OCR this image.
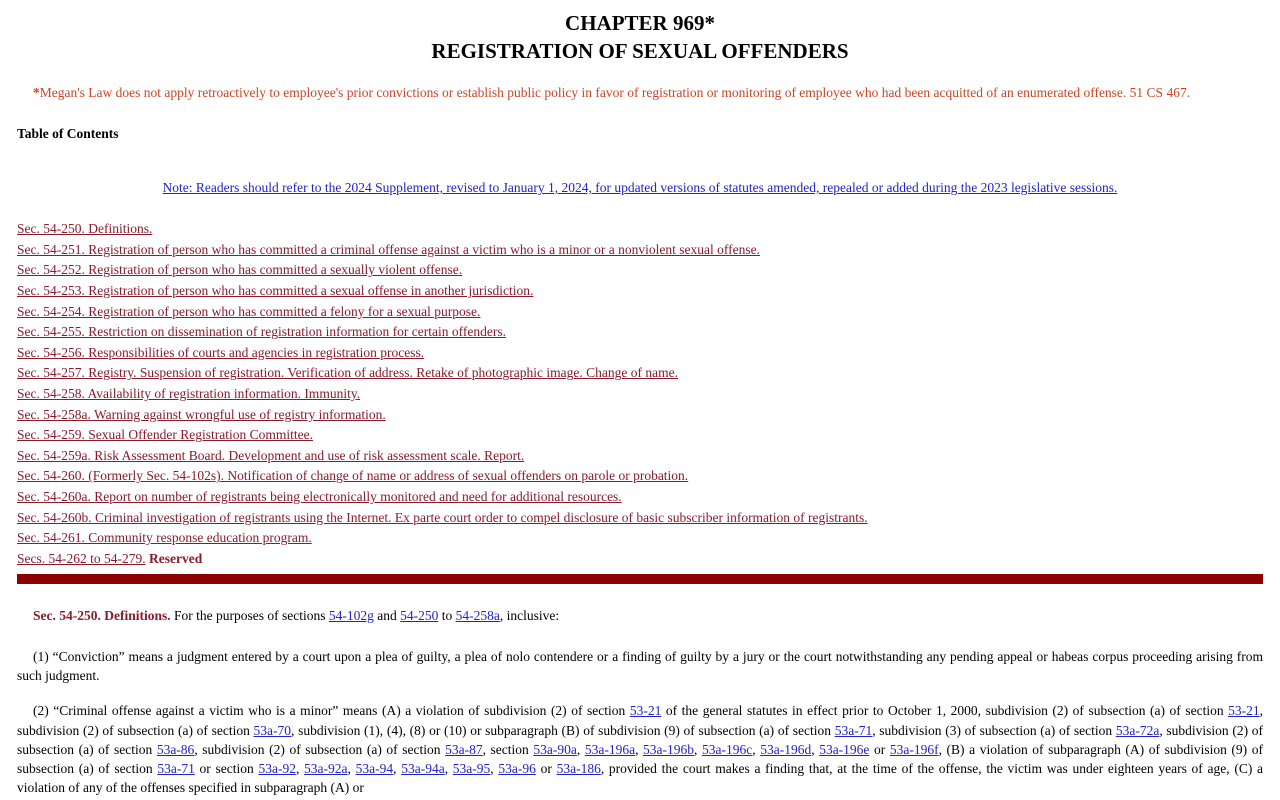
CHAPTER 969*
REGISTRATION OF SEXUAL OFFENDERS

*Megan's Law does not apply retroactively to employee's prior convictions or establish public policy in favor of registration or monitoring of employee who had been acquitted of an enumerated offense. 51 CS 467.

Table of Contents

Note: Readers should refer to the 2024 Supplement, revised to January 1, 2024, for updated versions of statutes amended, repealed or added during the 2023 legislative sessions.

Sec. 54-250. Definitions.

Sec. 54-251. Registration of person who has committed a criminal offense against a victim who is a minor or a nonviolent sexual offense.

Sec. 54-252. Registration of person who has committed a sexually violent offense.

Sec. 54-253. Registration of person who has committed a sexual offense in another jurisdiction.

Sec. 54-254. Registration of person who has committed a felony for a sexual purpose.

Sec. 54-255. Restriction on dissemination of registration information for certain offenders.

Sec. 54-256. Responsibilities of courts and agencies in registration process.

Sec. 54-257. Registry. Suspension of registration. Verification of address. Retake of photographic image. Change of name.

Sec. 54-258. Availability of registration information. Immunity.

Sec. 54-258a. Warning against wrongful use of registry information.

Sec. 54-259. Sexual Offender Registration Committee.

Sec. 54-259a. Risk Assessment Board. Development and use of risk assessment scale. Report.

Sec. 54-260. (Formerly Sec. 54-102s). Notification of change of name or address of sexual offenders on parole or probation.

Sec. 54-260a. Report on number of registrants being electronically monitored and need for additional resources.

Sec. 54-260b. Criminal investigation of registrants using the Internet. Ex parte court order to compel disclosure of basic subscriber information of registrants.

Sec. 54-261. Community response education program.

Secs. 54-262 to 54-279. Reserved

Sec. 54-250. Definitions. For the purposes of sections 54-102g and 54-250 to 54-258a, inclusive:

(1) “Conviction” means a judgment entered by a court upon a plea of guilty, a plea of nolo contendere or a finding of guilty by a jury or the court notwithstanding any pending appeal or habeas corpus proceeding arising from such judgment.

(2) “Criminal offense against a victim who is a minor” means (A) a violation of subdivision (2) of section 53-21 of the general statutes in effect prior to October 1, 2000, subdivision (2) of subsection (a) of section 53-21, subdivision (2) of subsection (a) of section 53a-70, subdivision (1), (4), (8) or (10) or subparagraph (B) of subdivision (9) of subsection (a) of section 53a-71, subdivision (3) of subsection (a) of section 53a-72a, subdivision (2) of subsection (a) of section 53a-86, subdivision (2) of subsection (a) of section 53a-87, section 53a-90a, 53a-196a, 53a-196b, 53a-196c, 53a-196d, 53a-196e or 53a-196f, (B) a violation of subparagraph (A) of subdivision (9) of subsection (a) of section 53a-71 or section 53a-92, 53a-92a, 53a-94, 53a-94a, 53a-95, 53a-96 or 53a-186, provided the court makes a finding that, at the time of the offense, the victim was under eighteen years of age, (C) a violation of any of the offenses specified in subparagraph (A) or
